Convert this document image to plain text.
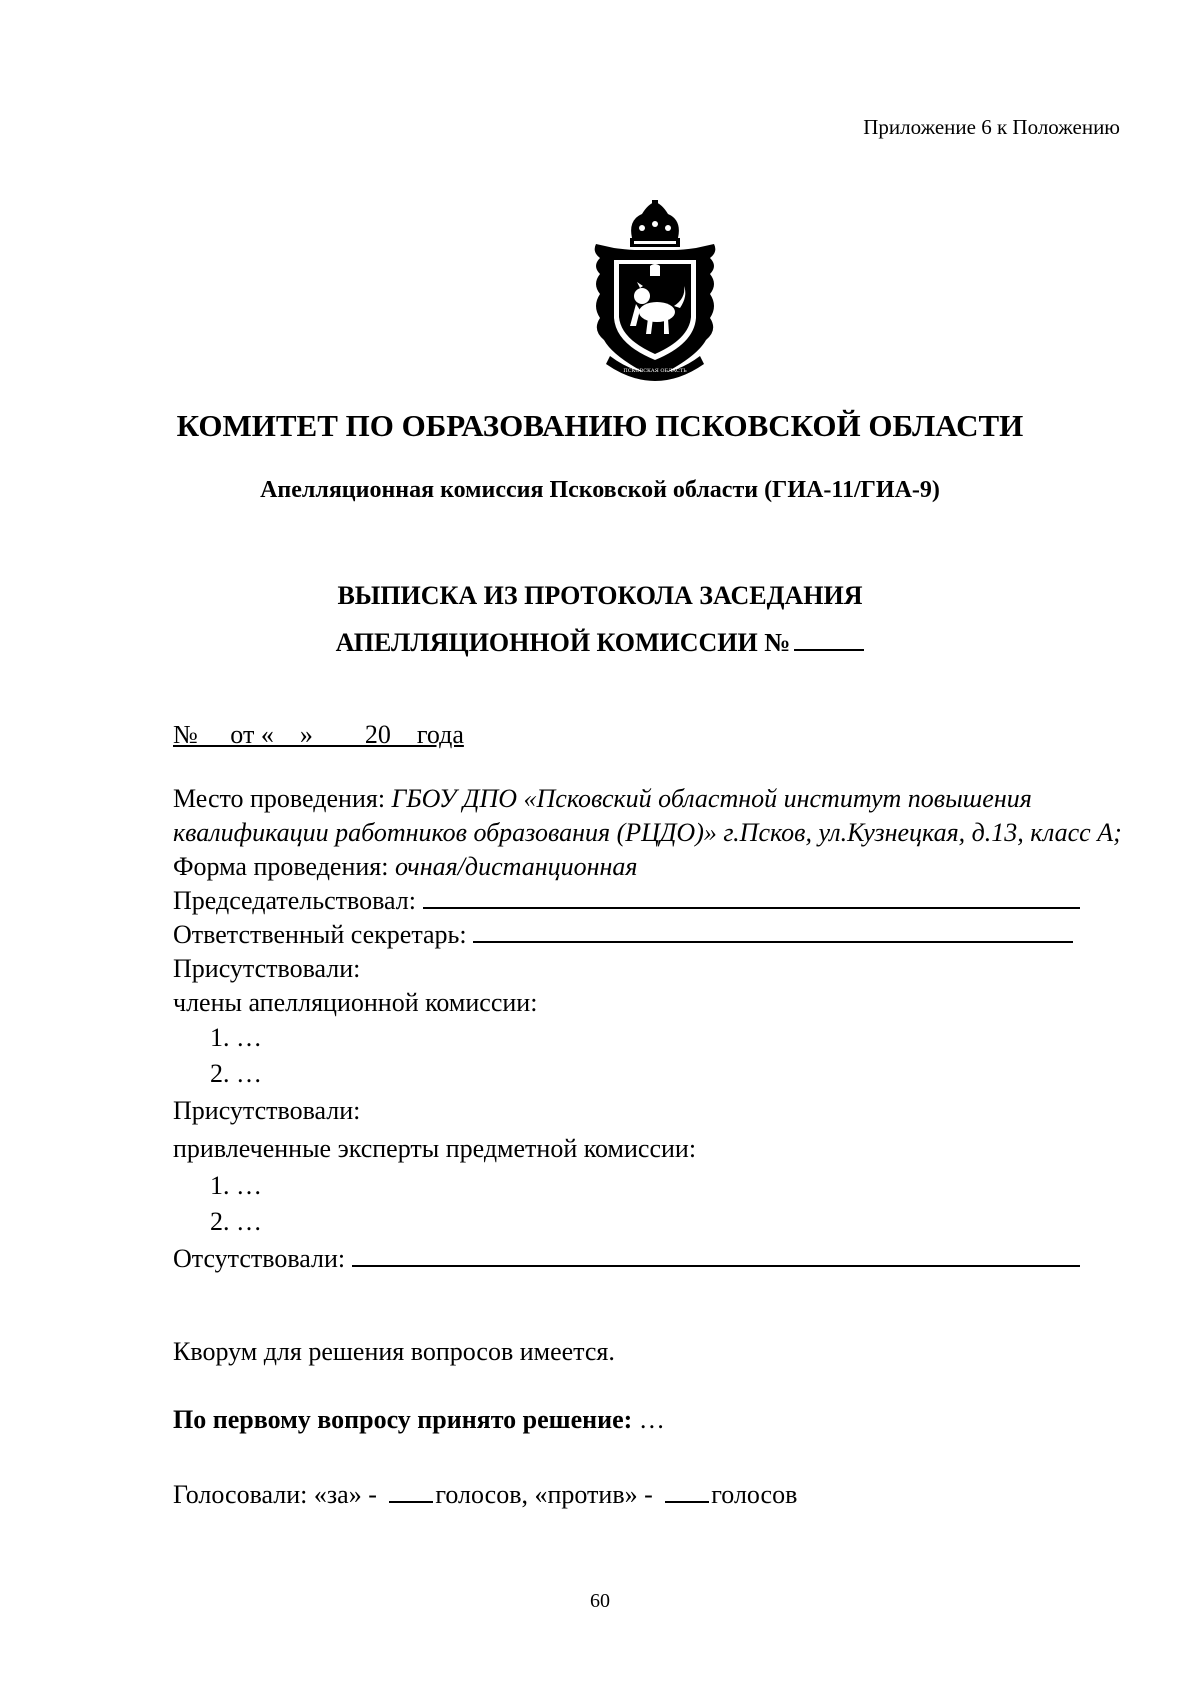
Приложение 6 к Положению
ПСКОВСКАЯ ОБЛАСТЬ
КОМИТЕТ ПО ОБРАЗОВАНИЮ ПСКОВСКОЙ ОБЛАСТИ
Апелляционная комиссия Псковской области (ГИА-11/ГИА-9)
ВЫПИСКА ИЗ ПРОТОКОЛА ЗАСЕДАНИЯ
АПЕЛЛЯЦИОННОЙ КОМИССИИ №
№     от «    »        20    года

Место проведения: ГБОУ ДПО «Псковский областной институт повышения квалификации работников образования (РЦДО)» г.Псков, ул.Кузнецкая, д.13, класс А;

Форма проведения: очная/дистанционная

Председательствовал:

Ответственный секретарь:

Присутствовали:

члены апелляционной комиссии:

1. …
2. …

Присутствовали:

привлеченные эксперты предметной комиссии:

1. …
2. …

Отсутствовали:

Кворум для решения вопросов имеется.
По первому вопросу принято решение: …
Голосовали: «за» - голосов, «против» - голосов
60
